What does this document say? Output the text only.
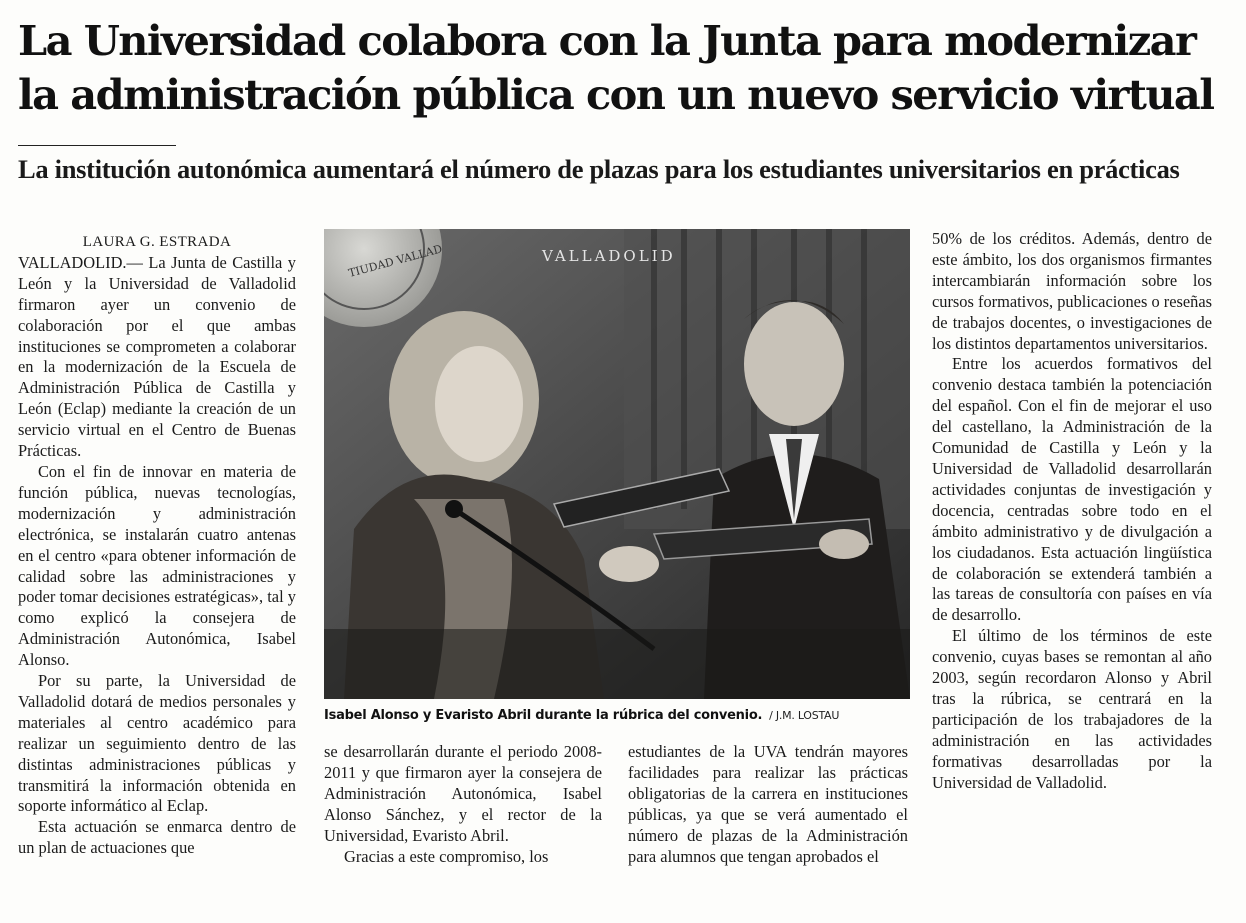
La Universidad colabora con la Junta para modernizar
la administración pública con un nuevo servicio virtual
La institución autonómica aumentará el número de plazas para los estudiantes universitarios en prácticas

LAURA G. ESTRADA

VALLADOLID.— La Junta de Castilla y León y la Universidad de Valladolid firmaron ayer un convenio de colaboración por el que ambas instituciones se comprometen a colaborar en la modernización de la Escuela de Administración Pública de Castilla y León (Eclap) mediante la creación de un servicio virtual en el Centro de Buenas Prácticas.

Con el fin de innovar en materia de función pública, nuevas tecnologías, modernización y administración electrónica, se instalarán cuatro antenas en el centro «para obtener información de calidad sobre las administraciones y poder tomar decisiones estratégicas», tal y como explicó la consejera de Administración Autonómica, Isabel Alonso.

Por su parte, la Universidad de Valladolid dotará de medios personales y materiales al centro académico para realizar un seguimiento dentro de las distintas administraciones públicas y transmitirá la información obtenida en soporte informático al Eclap.

Esta actuación se enmarca dentro de un plan de actuaciones que

TIUDAD VALLAD	VALLADOLID
Isabel Alonso y Evaristo Abril durante la rúbrica del convenio. / J.M. LOSTAU

se desarrollarán durante el periodo 2008-2011 y que firmaron ayer la consejera de Administración Autonómica, Isabel Alonso Sánchez, y el rector de la Universidad, Evaristo Abril.

Gracias a este compromiso, los

estudiantes de la UVA tendrán mayores facilidades para realizar las prácticas obligatorias de la carrera en instituciones públicas, ya que se verá aumentado el número de plazas de la Administración para alumnos que tengan aprobados el

50% de los créditos. Además, dentro de este ámbito, los dos organismos firmantes intercambiarán información sobre los cursos formativos, publicaciones o reseñas de trabajos docentes, o investigaciones de los distintos departamentos universitarios.

Entre los acuerdos formativos del convenio destaca también la potenciación del español. Con el fin de mejorar el uso del castellano, la Administración de la Comunidad de Castilla y León y la Universidad de Valladolid desarrollarán actividades conjuntas de investigación y docencia, centradas sobre todo en el ámbito administrativo y de divulgación a los ciudadanos. Esta actuación lingüística de colaboración se extenderá también a las tareas de consultoría con países en vía de desarrollo.

El último de los términos de este convenio, cuyas bases se remontan al año 2003, según recordaron Alonso y Abril tras la rúbrica, se centrará en la participación de los trabajadores de la administración en las actividades formativas desarrolladas por la Universidad de Valladolid.
